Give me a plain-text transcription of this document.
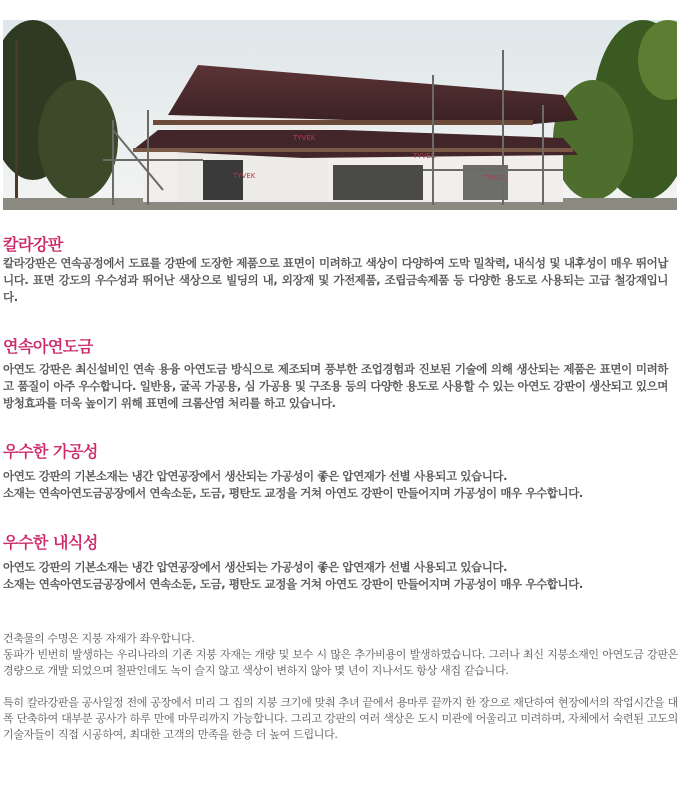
TYVEK
TYVEK
TYVEK	TYVEK
칼라강판

칼라강판은 연속공정에서 도료를 강판에 도장한 제품으로 표면이 미려하고 색상이 다양하여 도막 밀착력, 내식성 및 내후성이 매우 뛰어납니다. 표면 강도의 우수성과 뛰어난 색상으로 빌딩의 내, 외장재 및 가전제품, 조립금속제품 등 다양한 용도로 사용되는 고급 철강재입니다.

연속아연도금

아연도 강판은 최신설비인 연속 용융 아연도금 방식으로 제조되며 풍부한 조업경험과 진보된 기술에 의해 생산되는 제품은 표면이 미려하고 품질이 아주 우수합니다. 일반용, 굴곡 가공용, 심 가공용 및 구조용 등의 다양한 용도로 사용할 수 있는 아연도 강판이 생산되고 있으며 방청효과를 더욱 높이기 위해 표면에 크롬산염 처리를 하고 있습니다.

우수한 가공성

아연도 강판의 기본소재는 냉간 압연공장에서 생산되는 가공성이 좋은 압연재가 선별 사용되고 있습니다.

소재는 연속아연도금공장에서 연속소둔, 도금, 평탄도 교정을 거쳐 아연도 강판이 만들어지며 가공성이 매우 우수합니다.

우수한 내식성

아연도 강판의 기본소재는 냉간 압연공장에서 생산되는 가공성이 좋은 압연재가 선별 사용되고 있습니다.

소재는 연속아연도금공장에서 연속소둔, 도금, 평탄도 교정을 거쳐 아연도 강판이 만들어지며 가공성이 매우 우수합니다.

건축물의 수명은 지붕 자재가 좌우합니다.
동파가 빈번히 발생하는 우리나라의 기존 지붕 자재는 개량 및 보수 시 많은 추가비용이 발생하였습니다. 그러나 최신 지붕소재인 아연도금 강판은 경량으로 개발 되었으며 철판인데도 녹이 슬지 않고 색상이 변하지 않아 몇 년이 지나서도 항상 새집 같습니다.

특히 칼라강판을 공사일정 전에 공장에서 미리 그 집의 지붕 크기에 맞춰 추녀 끝에서 용마루 끝까지 한 장으로 재단하여 현장에서의 작업시간을 대폭 단축하여 대부분 공사가 하루 만에 마무리까지 가능합니다. 그리고 강판의 여러 색상은 도시 미관에 어울리고 미려하며, 자체에서 숙련된 고도의 기술자들이 직접 시공하여, 최대한 고객의 만족을 한층 더 높여 드립니다.
